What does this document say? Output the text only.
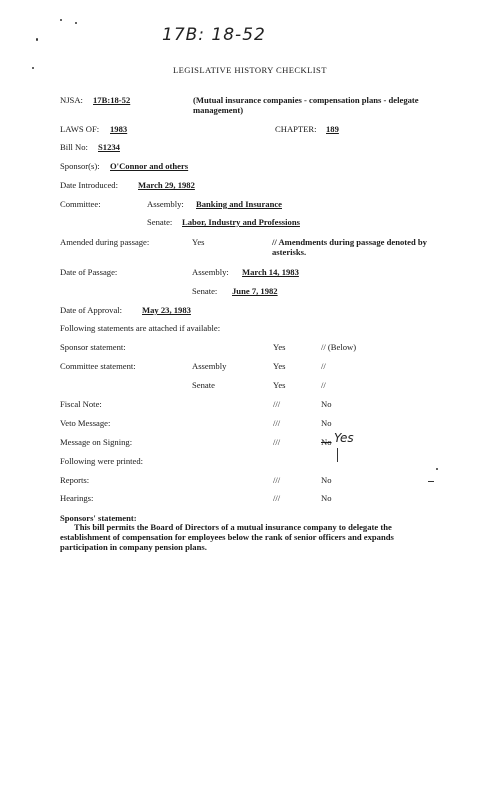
17B: 18-52
LEGISLATIVE HISTORY CHECKLIST
NJSA: 17B:18-52	(Mutual insurance companies - compensation plans - delegate management)
LAWS OF: 1983	CHAPTER: 189
Bill No: S1234
Sponsor(s): O'Connor and others
Date Introduced: March 29, 1982
Committee:	Assembly: Banking and Insurance
Senate: Labor, Industry and Professions
Amended during passage:	Yes	// Amendments during passage denoted by asterisks.
Date of Passage:	Assembly: March 14, 1983
Senate: June 7, 1982
Date of Approval: May 23, 1983
Following statements are attached if available:
Sponsor statement:	Yes	// (Below)
Committee statement:	Assembly	Yes	//
Senate	Yes	//
Fiscal Note:	///	No
Veto Message:	///	No
Message on Signing:	///	No Yes
Following were printed:
Reports:	///	No
Hearings:	///	No
Sponsors' statement:
This bill permits the Board of Directors of a mutual insurance company to delegate the establishment of compensation for employees below the rank of senior officers and expands participation in company pension plans.
